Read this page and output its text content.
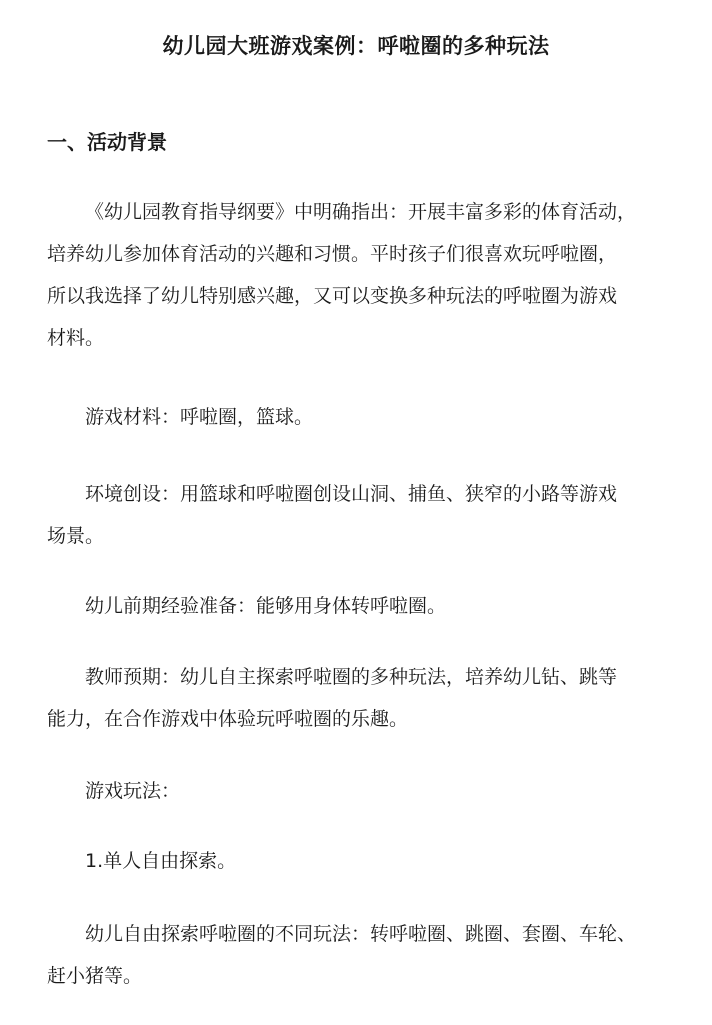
幼儿园大班游戏案例：呼啦圈的多种玩法
一、活动背景

《幼儿园教育指导纲要》中明确指出：开展丰富多彩的体育活动，
培养幼儿参加体育活动的兴趣和习惯。平时孩子们很喜欢玩呼啦圈，
所以我选择了幼儿特别感兴趣，又可以变换多种玩法的呼啦圈为游戏
材料。

游戏材料：呼啦圈，篮球。

环境创设：用篮球和呼啦圈创设山洞、捕鱼、狭窄的小路等游戏
场景。

幼儿前期经验准备：能够用身体转呼啦圈。

教师预期：幼儿自主探索呼啦圈的多种玩法，培养幼儿钻、跳等
能力，在合作游戏中体验玩呼啦圈的乐趣。

游戏玩法：

1.单人自由探索。

幼儿自由探索呼啦圈的不同玩法：转呼啦圈、跳圈、套圈、车轮、
赶小猪等。
